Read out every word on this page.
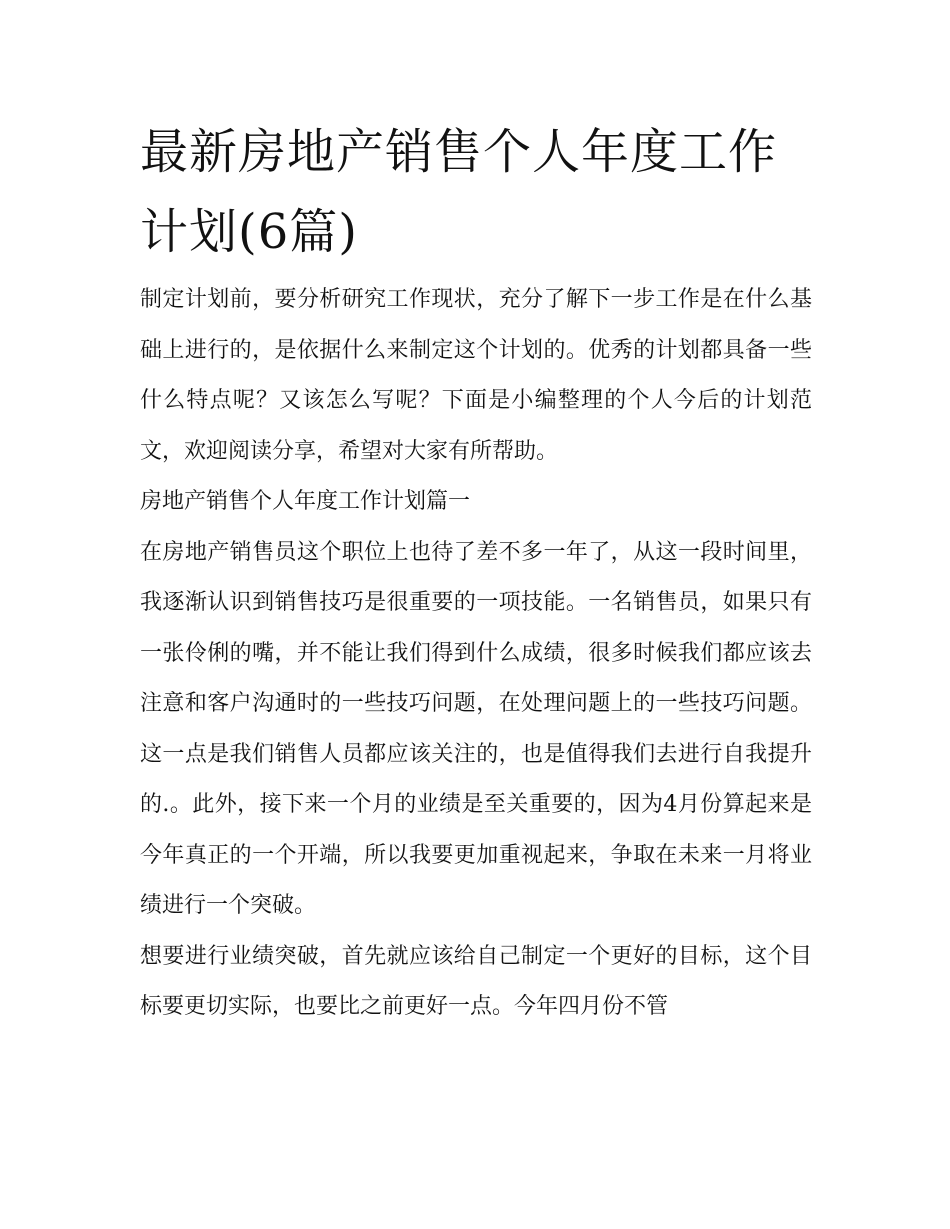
最新房地产销售个人年度工作计划(6篇)

制定计划前，要分析研究工作现状，充分了解下一步工作是在什么基础上进行的，是依据什么来制定这个计划的。优秀的计划都具备一些什么特点呢？又该怎么写呢？下面是小编整理的个人今后的计划范文，欢迎阅读分享，希望对大家有所帮助。

房地产销售个人年度工作计划篇一

在房地产销售员这个职位上也待了差不多一年了，从这一段时间里，我逐渐认识到销售技巧是很重要的一项技能。一名销售员，如果只有一张伶俐的嘴，并不能让我们得到什么成绩，很多时候我们都应该去注意和客户沟通时的一些技巧问题，在处理问题上的一些技巧问题。这一点是我们销售人员都应该关注的，也是值得我们去进行自我提升的.。此外，接下来一个月的业绩是至关重要的，因为4月份算起来是今年真正的一个开端，所以我要更加重视起来，争取在未来一月将业绩进行一个突破。

想要进行业绩突破，首先就应该给自己制定一个更好的目标，这个目标要更切实际，也要比之前更好一点。今年四月份不管
